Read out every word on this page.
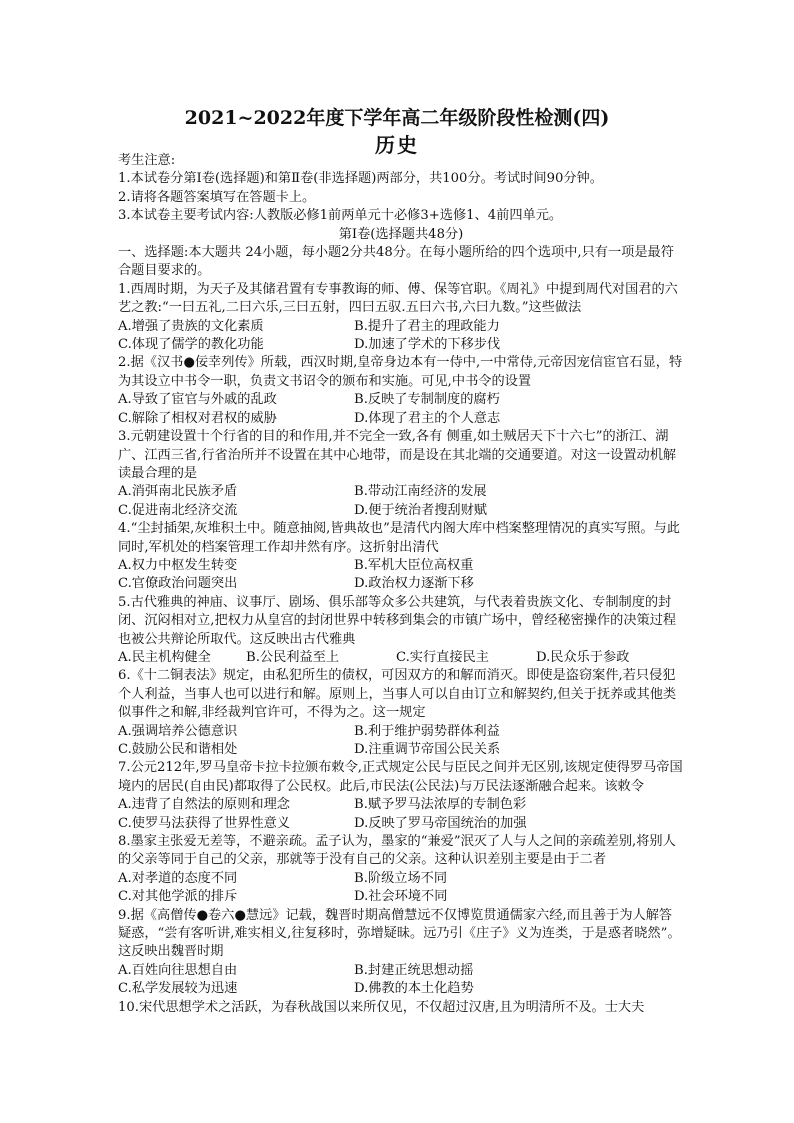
2021~2022年度下学年高二年级阶段性检测(四)
历史

考生注意:

1.本试卷分第Ⅰ卷(选择题)和第Ⅱ卷(非选择题)两部分，共100分。考试时间90分钟。

2.请将各题答案填写在答题卡上。

3.本试卷主要考试内容:人教版必修1前两单元十必修3+选修1、4前四单元。

第Ⅰ卷(选择题共48分)

一、选择题:本大题共 24小题，每小题2分共48分。在每小题所给的四个选项中,只有一项是最符合题目要求的。

1.西周时期，为天子及其储君置有专事教诲的师、傅、保等官职。《周礼》中提到周代对国君的六艺之教:“一曰五礼,二曰六乐,三曰五射，四曰五驭.五曰六书,六曰九数。”这些做法

A.增强了贵族的文化素质	B.提升了君主的理政能力
C.体现了儒学的教化功能	D.加速了学术的下移步伐

2.据《汉书●佞幸列传》所载，西汉时期,皇帝身边本有一侍中,一中常侍,元帝因宠信宦官石显，特为其设立中书令一职，负责文书诏令的颁布和实施。可见,中书令的设置

A.导致了宦官与外戚的乱政	B.反映了专制制度的腐朽
C.解除了相权对君权的威胁	D.体现了君主的个人意志

3.元朝建设置十个行省的目的和作用,并不完全一致,各有 侧重,如土贼居天下十六七”的浙江、湖广、江西三省,行省治所并不设置在其中心地带，而是设在其北端的交通要道。对这一设置动机解读最合理的是

A.消弭南北民族矛盾	B.带动江南经济的发展
C.促进南北经济交流	D.便于统治者搜刮财赋

4.“尘封插架,灰堆积土中。随意抽阅,皆典故也”是清代内阁大库中档案整理情况的真实写照。与此同时,军机处的档案管理工作却井然有序。这折射出清代

A.权力中枢发生转变	B.军机大臣位高权重
C.官僚政治问题突出	D.政治权力逐渐下移

5.古代雅典的神庙、议事厅、剧场、俱乐部等众多公共建筑，与代表着贵族文化、专制制度的封闭、沉闷相对立,把权力从皇宫的封闭世界中转移到集会的市镇广场中，曾经秘密操作的决策过程也被公共辩论所取代。这反映出古代雅典

A.民主机构健全	B.公民利益至上	C.实行直接民主	D.民众乐于参政

6.《十二铜表法》规定，由私犯所生的债权，可因双方的和解而消灭。即使是盗窃案件,若只侵犯个人利益，当事人也可以进行和解。原则上，当事人可以自由订立和解契约,但关于抚养或其他类似事件之和解,非经裁判官许可，不得为之。这一规定

A.强调培养公德意识	B.利于维护弱势群体利益
C.鼓励公民和谐相处	D.注重调节帝国公民关系

7.公元212年,罗马皇帝卡拉卡拉颁布敕令,正式规定公民与臣民之间并无区别,该规定使得罗马帝国境内的居民(自由民)都取得了公民权。此后,市民法(公民法)与万民法逐渐融合起来。该敕令

A.违背了自然法的原则和理念	B.赋予罗马法浓厚的专制色彩
C.使罗马法获得了世界性意义	D.反映了罗马帝国统治的加强

8.墨家主张爱无差等，不避亲疏。孟子认为，墨家的“兼爱”泯灭了人与人之间的亲疏差别,将别人的父亲等同于自己的父亲，那就等于没有自己的父亲。这种认识差别主要是由于二者

A.对孝道的态度不同	B.阶级立场不同
C.对其他学派的排斥	D.社会环境不同

9.据《高僧传●卷六●慧远》记载，魏晋时期高僧慧远不仅博览贯通儒家六经,而且善于为人解答疑惑，“尝有客听讲,难实相义,往复移时，弥增疑昧。远乃引《庄子》义为连类，于是惑者晓然”。这反映出魏晋时期

A.百姓向往思想自由	B.封建正统思想动摇
C.私学发展较为迅速	D.佛教的本土化趋势

10.宋代思想学术之活跃，为春秋战国以来所仅见，不仅超过汉唐,且为明清所不及。士大夫
